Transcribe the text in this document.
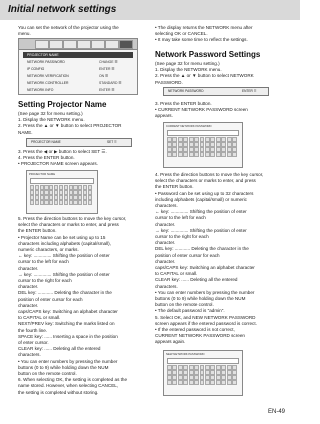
Initial network settings
You can set the network of the projector using the
menu.
PROJECTOR NAME
NETWORK PASSWORD	CHANGE ☰
IP CONFIG	ENTER ☰
NETWORK VERIFICATION	ON ☰
NETWORK CONTROLLER	STANDARD ☰
NETWORK INFO	ENTER ☰
Setting Projector Name
(See page 32 for menu setting.)
1. Display the NETWORK menu.
2. Press the ▲ or ▼ button to select PROJECTOR
NAME.
PROJECTOR NAME	SET ☰
3. Press the ◀ or ▶ button to select SET ☰.
4. Press the ENTER button.
• PROJECTOR NAME screen appears.
PROJECTOR NAME
5. Press the direction buttons to move the key cursor,
select the characters or marks to enter, and press
the ENTER button.
• Projector Name can be set using up to 15
characters including alphabets (capital/small),
numeric characters, or marks.
← key: .............. Shifting the position of enter
cursor to the left for each
character.
→ key: .............. Shifting the position of enter
cursor to the right for each
character.
DEL key: ............ Deleting the character in the
position of enter cursor for each
character.
caps/CAPS key: Switching an alphabet character
to CAPITAL or small.
NEXT/PREV key: Switching the marks listed on
the fourth line.
SPACE key: ...... Inserting a space in the position
of enter cursor.
CLEAR key: ...... Deleting all the entered
characters.
• You can enter numbers by pressing the number
buttons (0 to 9) while holding down the NUM
button on the remote control.
6. When selecting OK, the setting is completed as the
name stored. However, when selecting CANCEL,
the setting is completed without storing.
• The display returns the NETWORK menu after
selecting OK or CANCEL.
• It may take some time to reflect the settings.
Network Password Settings
(See page 32 for menu setting.)
1. Display the NETWORK menu.
2. Press the ▲ or ▼ button to select NETWORK
PASSWORD.
NETWORK PASSWORD	ENTER ☰
3. Press the ENTER button.
• CURRENT NETWORK PASSWORD screen
appears.
CURRENT NETWORK PASSWORD
4. Press the direction buttons to move the key cursor,
select the characters or marks to enter, and press
the ENTER button.
• Password can be set using up to 32 characters
including alphabets (capital/small) or numeric
characters.
← key: .............. Shifting the position of enter
cursor to the left for each
character.
→ key: .............. Shifting the position of enter
cursor to the right for each
character.
DEL key: ............ Deleting the character in the
position of enter cursor for each
character.
caps/CAPS key: Switching an alphabet character
to CAPITAL or small.
CLEAR key: ...... Deleting all the entered
characters.
• You can enter numbers by pressing the number
buttons (0 to 9) while holding down the NUM
button on the remote control.
• The default password is "admin".
5. Select OK, and NEW NETWORK PASSWORD
screen appears if the entered password is correct.
• If the entered password is not correct,
CURRENT NETWORK PASSWORD screen
appears again.
NEW NETWORK PASSWORD
EN-49
